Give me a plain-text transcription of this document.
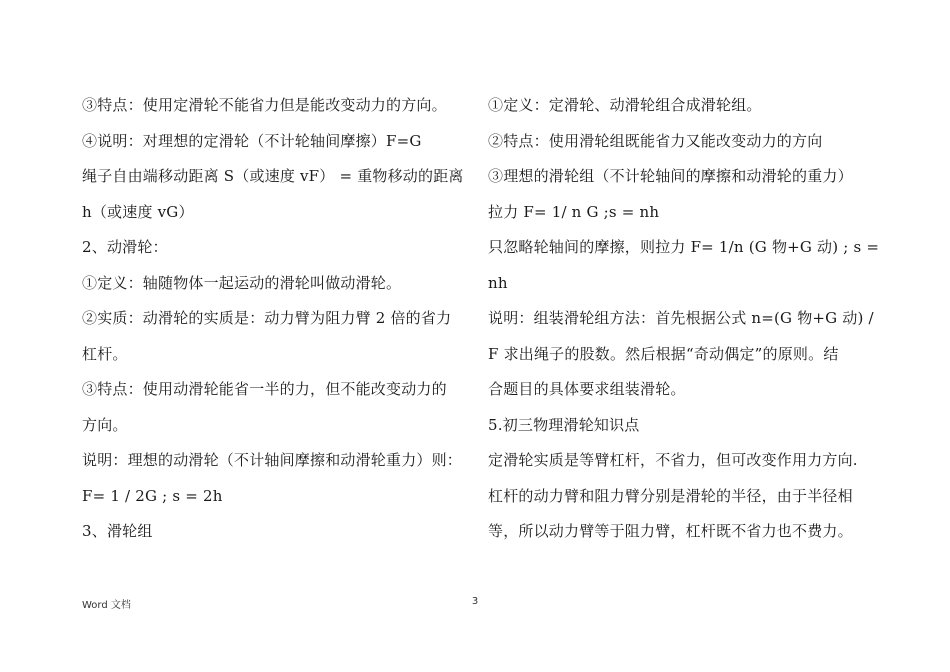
③特点：使用定滑轮不能省力但是能改变动力的方向。
④说明：对理想的定滑轮（不计轮轴间摩擦）F=G
绳子自由端移动距离 S（或速度 vF） = 重物移动的距离
h（或速度 vG）
2、动滑轮：
①定义：轴随物体一起运动的滑轮叫做动滑轮。
②实质：动滑轮的实质是：动力臂为阻力臂 2 倍的省力
杠杆。
③特点：使用动滑轮能省一半的力，但不能改变动力的
方向。
说明：理想的动滑轮（不计轴间摩擦和动滑轮重力）则：
F= 1 / 2G ; s = 2h
3、滑轮组
①定义：定滑轮、动滑轮组合成滑轮组。
②特点：使用滑轮组既能省力又能改变动力的方向
③理想的滑轮组（不计轮轴间的摩擦和动滑轮的重力）
拉力 F= 1/ n G ;s = nh
只忽略轮轴间的摩擦，则拉力 F= 1/n (G 物+G 动) ; s =
nh
说明：组装滑轮组方法：首先根据公式 n=(G 物+G 动) /
F 求出绳子的股数。然后根据“奇动偶定”的原则。结
合题目的具体要求组装滑轮。
5.初三物理滑轮知识点
定滑轮实质是等臂杠杆，不省力，但可改变作用力方向.
杠杆的动力臂和阻力臂分别是滑轮的半径，由于半径相
等，所以动力臂等于阻力臂，杠杆既不省力也不费力。
Word 文档	3
